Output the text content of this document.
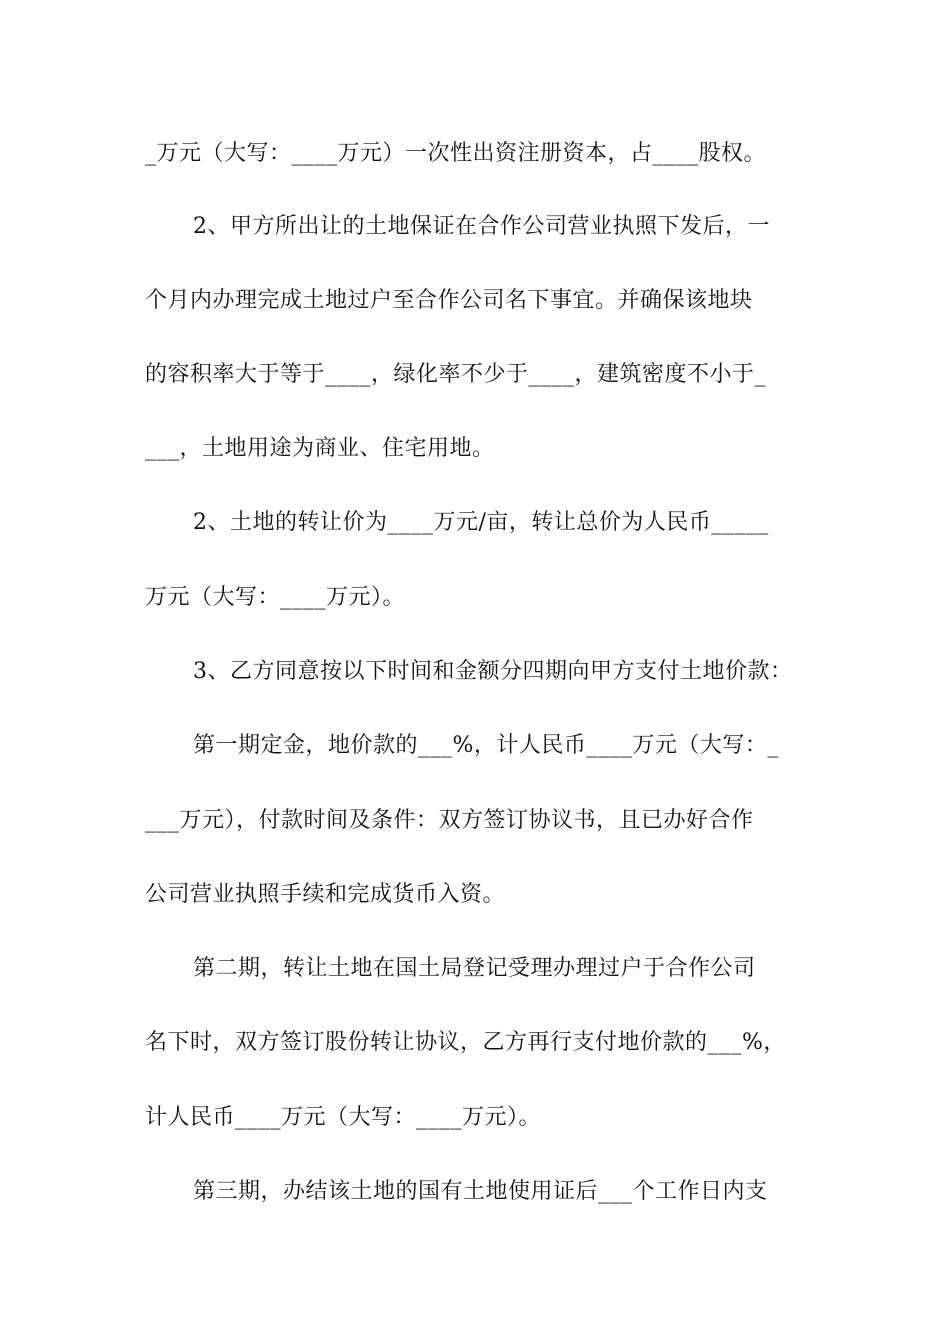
_万元（大写：____万元）一次性出资注册资本，占____股权。
2、甲方所出让的土地保证在合作公司营业执照下发后，一
个月内办理完成土地过户至合作公司名下事宜。并确保该地块
的容积率大于等于____，绿化率不少于____，建筑密度不小于_
___，土地用途为商业、住宅用地。
2、土地的转让价为____万元/亩，转让总价为人民币_____
万元（大写：____万元）。
3、乙方同意按以下时间和金额分四期向甲方支付土地价款：
第一期定金，地价款的___%，计人民币____万元（大写：_
___万元），付款时间及条件：双方签订协议书，且已办好合作
公司营业执照手续和完成货币入资。
第二期，转让土地在国土局登记受理办理过户于合作公司
名下时，双方签订股份转让协议，乙方再行支付地价款的___%，
计人民币____万元（大写：____万元）。
第三期，办结该土地的国有土地使用证后___个工作日内支
